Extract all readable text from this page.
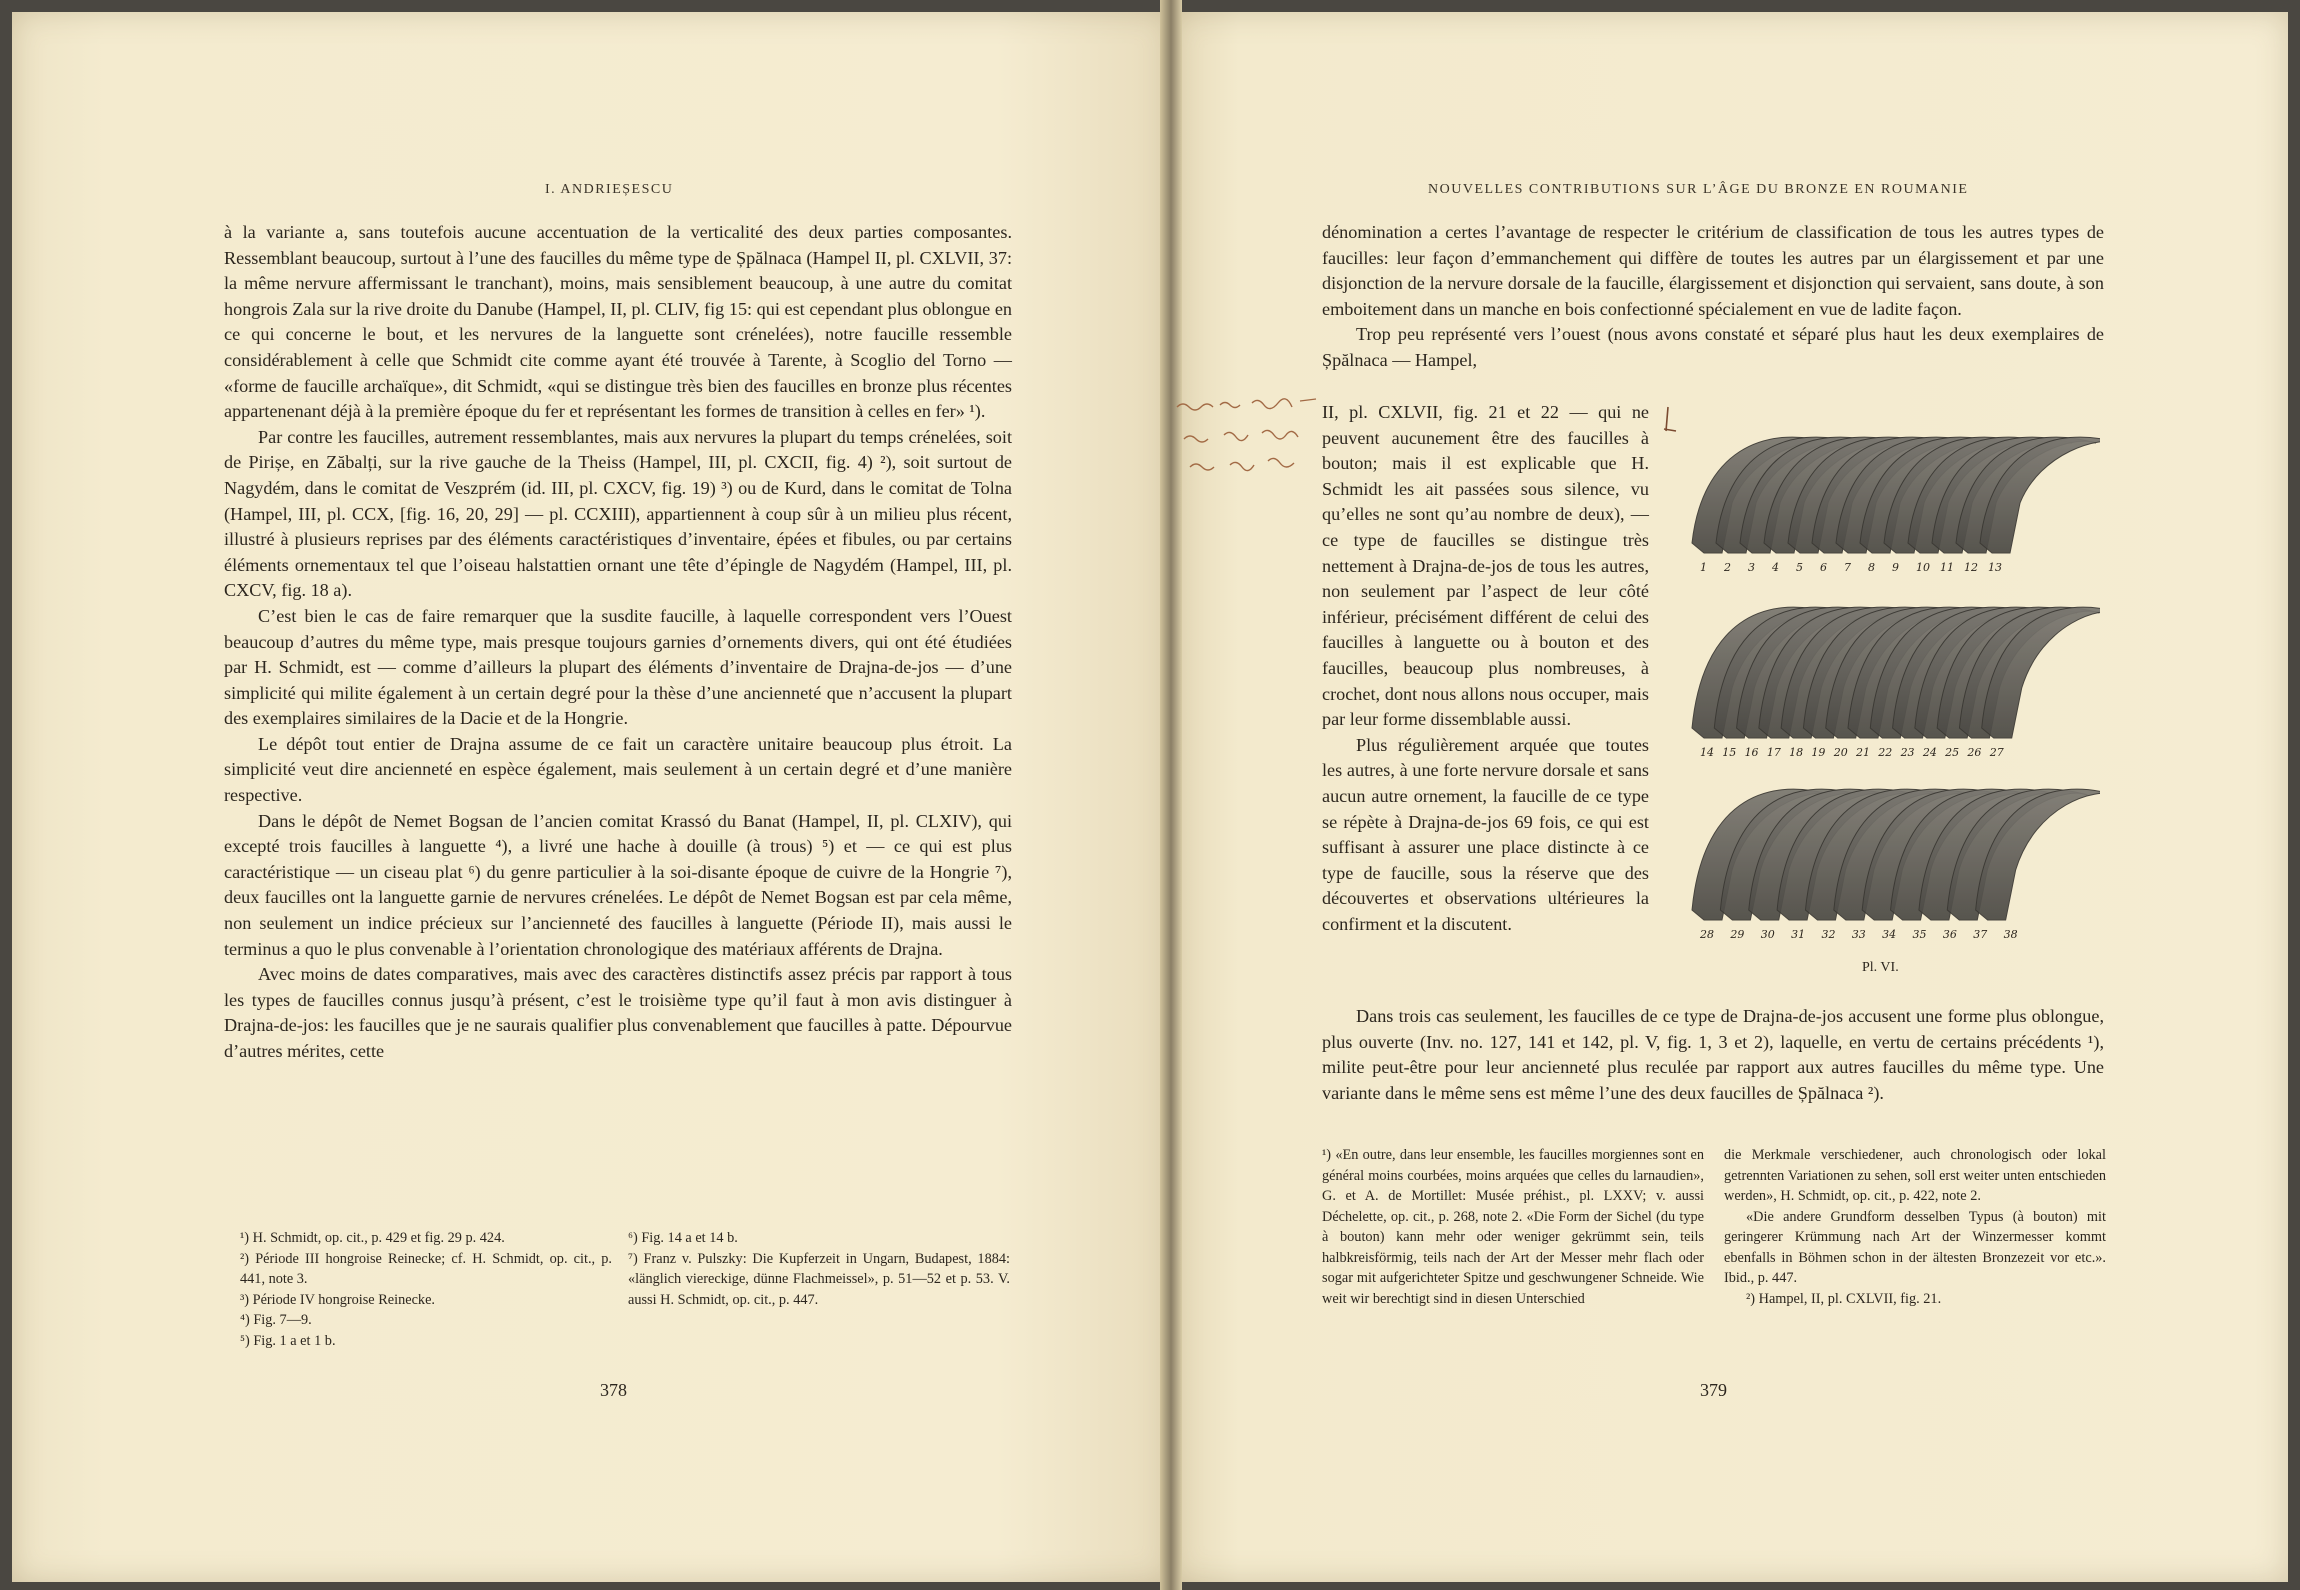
I. ANDRIEȘESCU

à la variante a, sans toutefois aucune accentuation de la verticalité des deux parties composantes. Ressemblant beaucoup, surtout à l’une des faucilles du même type de Șpălnaca (Hampel II, pl. CXLVII, 37: la même nervure affermissant le tranchant), moins, mais sensiblement beaucoup, à une autre du comitat hongrois Zala sur la rive droite du Danube (Hampel, II, pl. CLIV, fig 15: qui est cependant plus oblongue en ce qui concerne le bout, et les nervures de la languette sont crénelées), notre faucille ressemble considérablement à celle que Schmidt cite comme ayant été trouvée à Tarente, à Scoglio del Torno — «forme de faucille archaïque», dit Schmidt, «qui se distingue très bien des faucilles en bronze plus récentes appartenenant déjà à la première époque du fer et représentant les formes de transition à celles en fer» ¹).

Par contre les faucilles, autrement ressemblantes, mais aux nervures la plupart du temps crénelées, soit de Pirișe, en Zăbalți, sur la rive gauche de la Theiss (Hampel, III, pl. CXCII, fig. 4) ²), soit surtout de Nagydém, dans le comitat de Veszprém (id. III, pl. CXCV, fig. 19) ³) ou de Kurd, dans le comitat de Tolna (Hampel, III, pl. CCX, [fig. 16, 20, 29] — pl. CCXIII), appartiennent à coup sûr à un milieu plus récent, illustré à plusieurs reprises par des éléments caractéristiques d’inventaire, épées et fibules, ou par certains éléments ornementaux tel que l’oiseau halstattien ornant une tête d’épingle de Nagydém (Hampel, III, pl. CXCV, fig. 18 a).

C’est bien le cas de faire remarquer que la susdite faucille, à laquelle correspondent vers l’Ouest beaucoup d’autres du même type, mais presque toujours garnies d’ornements divers, qui ont été étudiées par H. Schmidt, est — comme d’ailleurs la plupart des éléments d’inventaire de Drajna-de-jos — d’une simplicité qui milite également à un certain degré pour la thèse d’une ancienneté que n’accusent la plupart des exemplaires similaires de la Dacie et de la Hongrie.

Le dépôt tout entier de Drajna assume de ce fait un caractère unitaire beaucoup plus étroit. La simplicité veut dire ancienneté en espèce également, mais seulement à un certain degré et d’une manière respective.

Dans le dépôt de Nemet Bogsan de l’ancien comitat Krassó du Banat (Hampel, II, pl. CLXIV), qui excepté trois faucilles à languette ⁴), a livré une hache à douille (à trous) ⁵) et — ce qui est plus caractéristique — un ciseau plat ⁶) du genre particulier à la soi-disante époque de cuivre de la Hongrie ⁷), deux faucilles ont la languette garnie de nervures crénelées. Le dépôt de Nemet Bogsan est par cela même, non seulement un indice précieux sur l’ancienneté des faucilles à languette (Période II), mais aussi le terminus a quo le plus convenable à l’orientation chronologique des matériaux afférents de Drajna.

Avec moins de dates comparatives, mais avec des caractères distinctifs assez précis par rapport à tous les types de faucilles connus jusqu’à présent, c’est le troisième type qu’il faut à mon avis distinguer à Drajna-de-jos: les faucilles que je ne saurais qualifier plus convenablement que faucilles à patte. Dépourvue d’autres mérites, cette

¹) H. Schmidt, op. cit., p. 429 et fig. 29 p. 424.

²) Période III hongroise Reinecke; cf. H. Schmidt, op. cit., p. 441, note 3.

³) Période IV hongroise Reinecke.

⁴) Fig. 7—9.

⁵) Fig. 1 a et 1 b.

⁶) Fig. 14 a et 14 b.

⁷) Franz v. Pulszky: Die Kupferzeit in Ungarn, Budapest, 1884: «länglich viereckige, dünne Flachmeissel», p. 51—52 et p. 53. V. aussi H. Schmidt, op. cit., p. 447.

378
NOUVELLES CONTRIBUTIONS SUR L’ÂGE DU BRONZE EN ROUMANIE

dénomination a certes l’avantage de respecter le critérium de classification de tous les autres types de faucilles: leur façon d’emmanchement qui diffère de toutes les autres par un élargissement et par une disjonction de la nervure dorsale de la faucille, élargissement et disjonction qui servaient, sans doute, à son emboitement dans un manche en bois confectionné spécialement en vue de ladite façon.

Trop peu représenté vers l’ouest (nous avons constaté et séparé plus haut les deux exemplaires de Șpălnaca — Hampel,

II, pl. CXLVII, fig. 21 et 22 — qui ne peuvent aucunement être des faucilles à bouton; mais il est explicable que H. Schmidt les ait passées sous silence, vu qu’elles ne sont qu’au nombre de deux), — ce type de faucilles se distingue très nettement à Drajna-de-jos de tous les autres, non seulement par l’aspect de leur côté inférieur, précisément différent de celui des faucilles à languette ou à bouton et des faucilles, beaucoup plus nombreuses, à crochet, dont nous allons nous occuper, mais par leur forme dissemblable aussi.

Plus régulièrement arquée que toutes les autres, à une forte nervure dorsale et sans aucun autre ornement, la faucille de ce type se répète à Drajna-de-jos 69 fois, ce qui est suffisant à assurer une place distincte à ce type de faucille, sous la réserve que des découvertes et observations ultérieures la confirment et la discutent.

Dans trois cas seulement, les faucilles de ce type de Drajna-de-jos accusent une forme plus oblongue, plus ouverte (Inv. no. 127, 141 et 142, pl. V, fig. 1, 3 et 2), laquelle, en vertu de certains précédents ¹), milite peut-être pour leur ancienneté plus reculée par rapport aux autres faucilles du même type. Une variante dans le même sens est même l’une des deux faucilles de Șpălnaca ²).

¹) «En outre, dans leur ensemble, les faucilles morgiennes sont en général moins courbées, moins arquées que celles du larnaudien», G. et A. de Mortillet: Musée préhist., pl. LXXV; v. aussi Déchelette, op. cit., p. 268, note 2. «Die Form der Sichel (du type à bouton) kann mehr oder weniger gekrümmt sein, teils halbkreisförmig, teils nach der Art der Messer mehr flach oder sogar mit aufgerichteter Spitze und geschwungener Schneide. Wie weit wir berechtigt sind in diesen Unterschied

die Merkmale verschiedener, auch chronologisch oder lokal getrennten Variationen zu sehen, soll erst weiter unten entschieden werden», H. Schmidt, op. cit., p. 422, note 2.

«Die andere Grundform desselben Typus (à bouton) mit geringerer Krümmung nach Art der Winzermesser kommt ebenfalls in Böhmen schon in der ältesten Bronzezeit vor etc.». Ibid., p. 447.

²) Hampel, II, pl. CXLVII, fig. 21.

379
1 2 3 4 5 6 7 8 9 10 11 12 13
14 15 16 17 18 19 20 21 22 23 24 25 26 27
28 29 30 31 32 33 34 35 36 37 38
Pl. VI.
